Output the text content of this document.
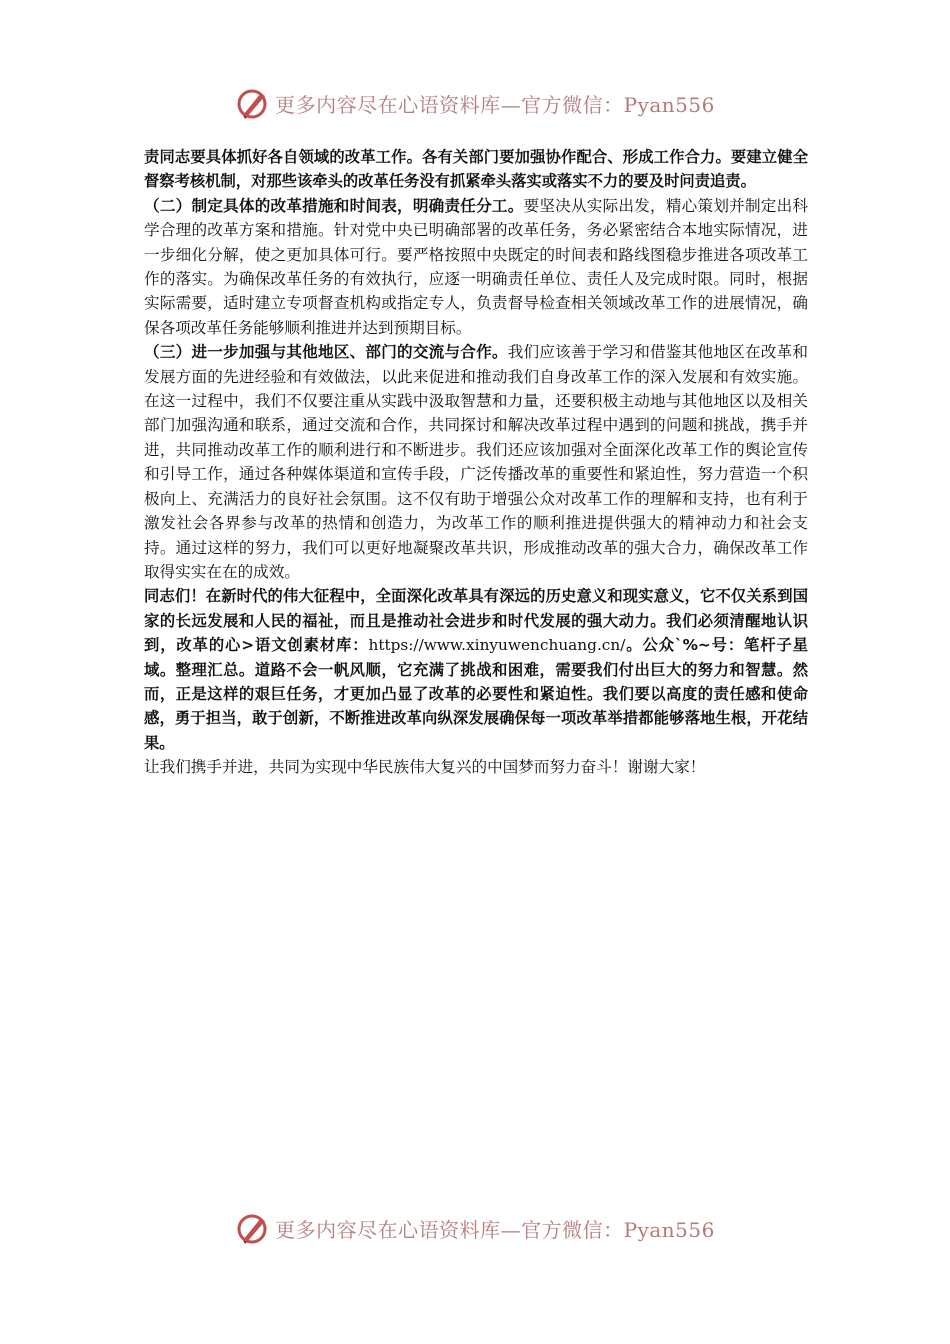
更多内容尽在心语资料库—官方微信：Pyan556

责同志要具体抓好各自领域的改革工作。各有关部门要加强协作配合、形成工作合力。要建立健全督察考核机制，对那些该牵头的改革任务没有抓紧牵头落实或落实不力的要及时问责追责。

（二）制定具体的改革措施和时间表，明确责任分工。要坚决从实际出发，精心策划并制定出科学合理的改革方案和措施。针对党中央已明确部署的改革任务，务必紧密结合本地实际情况，进一步细化分解，使之更加具体可行。要严格按照中央既定的时间表和路线图稳步推进各项改革工作的落实。为确保改革任务的有效执行，应逐一明确责任单位、责任人及完成时限。同时，根据实际需要，适时建立专项督查机构或指定专人，负责督导检查相关领域改革工作的进展情况，确保各项改革任务能够顺利推进并达到预期目标。

（三）进一步加强与其他地区、部门的交流与合作。我们应该善于学习和借鉴其他地区在改革和发展方面的先进经验和有效做法，以此来促进和推动我们自身改革工作的深入发展和有效实施。在这一过程中，我们不仅要注重从实践中汲取智慧和力量，还要积极主动地与其他地区以及相关部门加强沟通和联系，通过交流和合作，共同探讨和解决改革过程中遇到的问题和挑战，携手并进，共同推动改革工作的顺利进行和不断进步。我们还应该加强对全面深化改革工作的舆论宣传和引导工作，通过各种媒体渠道和宣传手段，广泛传播改革的重要性和紧迫性，努力营造一个积极向上、充满活力的良好社会氛围。这不仅有助于增强公众对改革工作的理解和支持，也有利于激发社会各界参与改革的热情和创造力，为改革工作的顺利推进提供强大的精神动力和社会支持。通过这样的努力，我们可以更好地凝聚改革共识，形成推动改革的强大合力，确保改革工作取得实实在在的成效。

同志们！在新时代的伟大征程中，全面深化改革具有深远的历史意义和现实意义，它不仅关系到国家的长远发展和人民的福祉，而且是推动社会进步和时代发展的强大动力。我们必须清醒地认识到，改革的心>语文创素材库：https://www.xinyuwenchuang.cn/。公众`%~号：笔杆子星域。整理汇总。道路不会一帆风顺，它充满了挑战和困难，需要我们付出巨大的努力和智慧。然而，正是这样的艰巨任务，才更加凸显了改革的必要性和紧迫性。我们要以高度的责任感和使命感，勇于担当，敢于创新，不断推进改革向纵深发展确保每一项改革举措都能够落地生根，开花结果。

让我们携手并进，共同为实现中华民族伟大复兴的中国梦而努力奋斗！谢谢大家！

更多内容尽在心语资料库—官方微信：Pyan556
